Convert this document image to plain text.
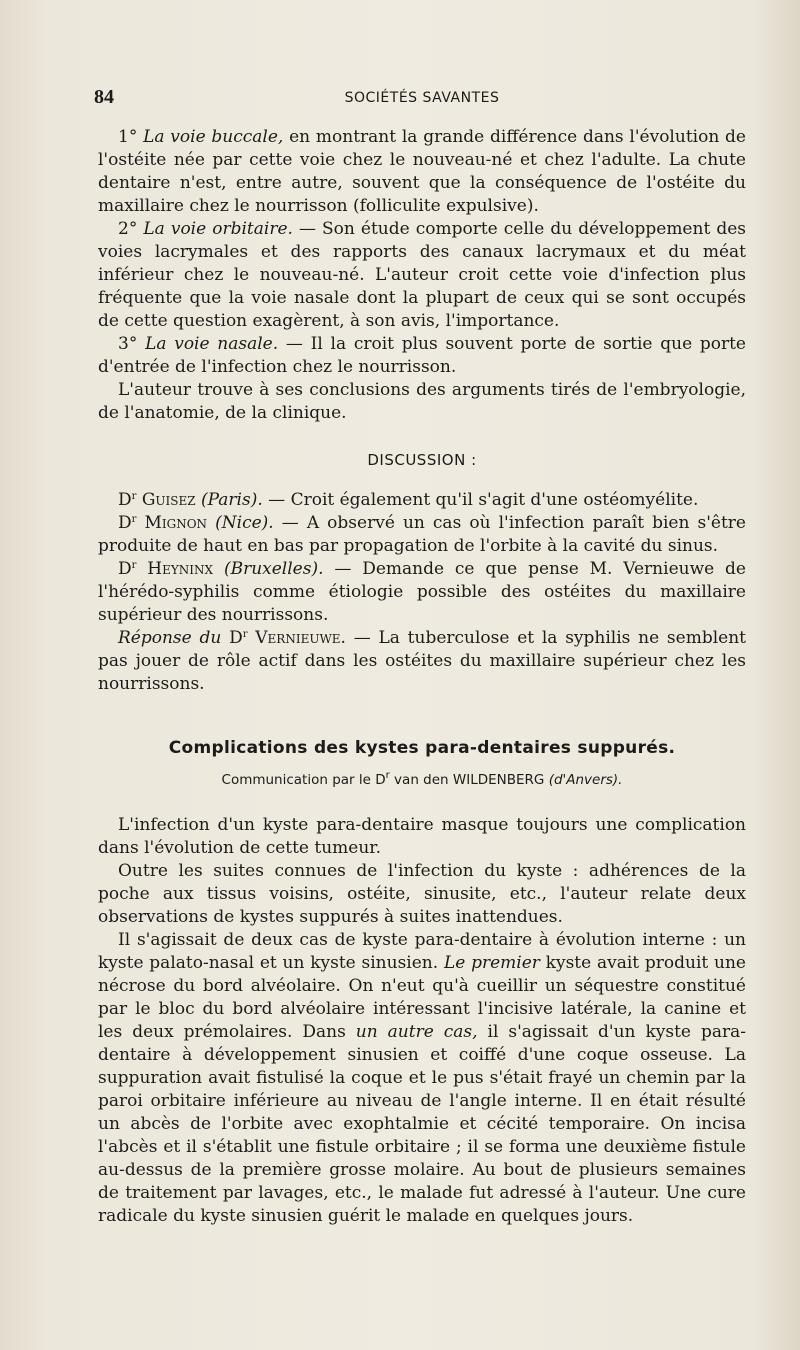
84	SOCIÉTÉS SAVANTES

1° La voie buccale, en montrant la grande différence dans l'évolution de l'ostéite née par cette voie chez le nouveau-né et chez l'adulte. La chute dentaire n'est, entre autre, souvent que la conséquence de l'ostéite du maxillaire chez le nourrisson (folliculite expulsive).

2° La voie orbitaire. — Son étude comporte celle du développement des voies lacrymales et des rapports des canaux lacrymaux et du méat inférieur chez le nouveau-né. L'auteur croit cette voie d'infection plus fréquente que la voie nasale dont la plupart de ceux qui se sont occupés de cette question exagèrent, à son avis, l'importance.

3° La voie nasale. — Il la croit plus souvent porte de sortie que porte d'entrée de l'infection chez le nourrisson.

L'auteur trouve à ses conclusions des arguments tirés de l'embryologie, de l'anatomie, de la clinique.

DISCUSSION :

$D^r$ Guisez (Paris). — Croit également qu'il s'agit d'une ostéomyélite.

$D^r$ Mignon (Nice). — A observé un cas où l'infection paraît bien s'être produite de haut en bas par propagation de l'orbite à la cavité du sinus.

$D^r$ Heyninx (Bruxelles). — Demande ce que pense M. Vernieuwe de l'hérédo-syphilis comme étiologie possible des ostéites du maxillaire supérieur des nourrissons.

Réponse du $D^r$ Vernieuwe. — La tuberculose et la syphilis ne semblent pas jouer de rôle actif dans les ostéites du maxillaire supérieur chez les nourrissons.

Complications des kystes para-dentaires suppurés.
Communication par le $D^r$ van den WILDENBERG (d'Anvers).

L'infection d'un kyste para-dentaire masque toujours une complication dans l'évolution de cette tumeur.

Outre les suites connues de l'infection du kyste : adhérences de la poche aux tissus voisins, ostéite, sinusite, etc., l'auteur relate deux observations de kystes suppurés à suites inattendues.

Il s'agissait de deux cas de kyste para-dentaire à évolution interne : un kyste palato-nasal et un kyste sinusien. Le premier kyste avait produit une nécrose du bord alvéolaire. On n'eut qu'à cueillir un séquestre constitué par le bloc du bord alvéolaire intéressant l'incisive latérale, la canine et les deux prémolaires. Dans un autre cas, il s'agissait d'un kyste para-dentaire à développement sinusien et coiffé d'une coque osseuse. La suppuration avait fistulisé la coque et le pus s'était frayé un chemin par la paroi orbitaire inférieure au niveau de l'angle interne. Il en était résulté un abcès de l'orbite avec exophtalmie et cécité temporaire. On incisa l'abcès et il s'établit une fistule orbitaire ; il se forma une deuxième fistule au-dessus de la première grosse molaire. Au bout de plusieurs semaines de traitement par lavages, etc., le malade fut adressé à l'auteur. Une cure radicale du kyste sinusien guérit le malade en quelques jours.
